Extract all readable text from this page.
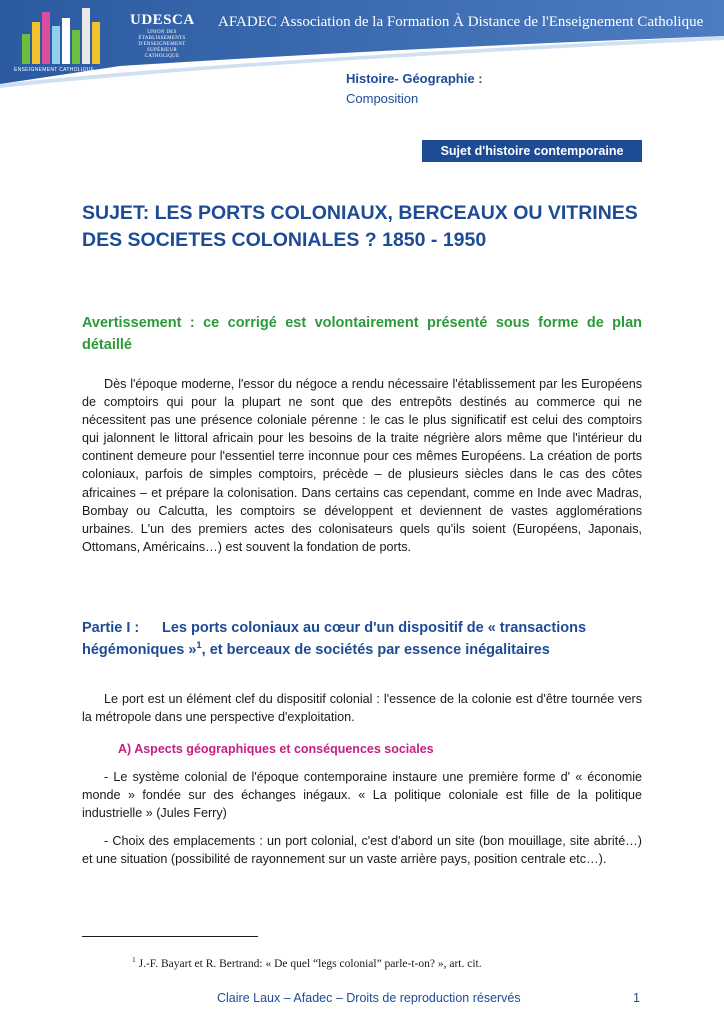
UDESCA
UNION DES ÉTABLISSEMENTS D'ENSEIGNEMENT SUPÉRIEUR CATHOLIQUE
AFADEC Association de la Formation À Distance de l'Enseignement Catholique
ENSEIGNEMENT CATHOLIQUE
Histoire- Géographie :
Composition
Sujet d'histoire contemporaine
SUJET: LES PORTS COLONIAUX, BERCEAUX OU VITRINES
DES SOCIETES COLONIALES ? 1850 - 1950
Avertissement : ce corrigé est volontairement présenté sous forme de plan détaillé
Dès l'époque moderne, l'essor du négoce a rendu nécessaire l'établissement par les Européens de comptoirs qui pour la plupart ne sont que des entrepôts destinés au commerce qui ne nécessitent pas une présence coloniale pérenne : le cas le plus significatif est celui des comptoirs qui jalonnent le littoral africain pour les besoins de la traite négrière alors même que l'intérieur du continent demeure pour l'essentiel terre inconnue pour ces mêmes Européens. La création de ports coloniaux, parfois de simples comptoirs, précède – de plusieurs siècles dans le cas des côtes africaines – et prépare la colonisation. Dans certains cas cependant, comme en Inde avec Madras, Bombay ou Calcutta, les comptoirs se développent et deviennent de vastes agglomérations urbaines. L'un des premiers actes des colonisateurs quels qu'ils soient (Européens, Japonais, Ottomans, Américains…) est souvent la fondation de ports.
Partie I : Les ports coloniaux au cœur d'un dispositif de « transactions hégémoniques »$^1$, et berceaux de sociétés par essence inégalitaires
Le port est un élément clef du dispositif colonial : l'essence de la colonie est d'être tournée vers la métropole dans une perspective d'exploitation.
A) Aspects géographiques et conséquences sociales
- Le système colonial de l'époque contemporaine instaure une première forme d' « économie monde » fondée sur des échanges inégaux. « La politique coloniale est fille de la politique industrielle » (Jules Ferry)
- Choix des emplacements : un port colonial, c'est d'abord un site (bon mouillage, site abrité…) et une situation (possibilité de rayonnement sur un vaste arrière pays, position centrale etc…).
$^1$ J.-F. Bayart et R. Bertrand: « De quel “legs colonial” parle-t-on? », art. cit.
Claire Laux – Afadec – Droits de reproduction réservés	1
